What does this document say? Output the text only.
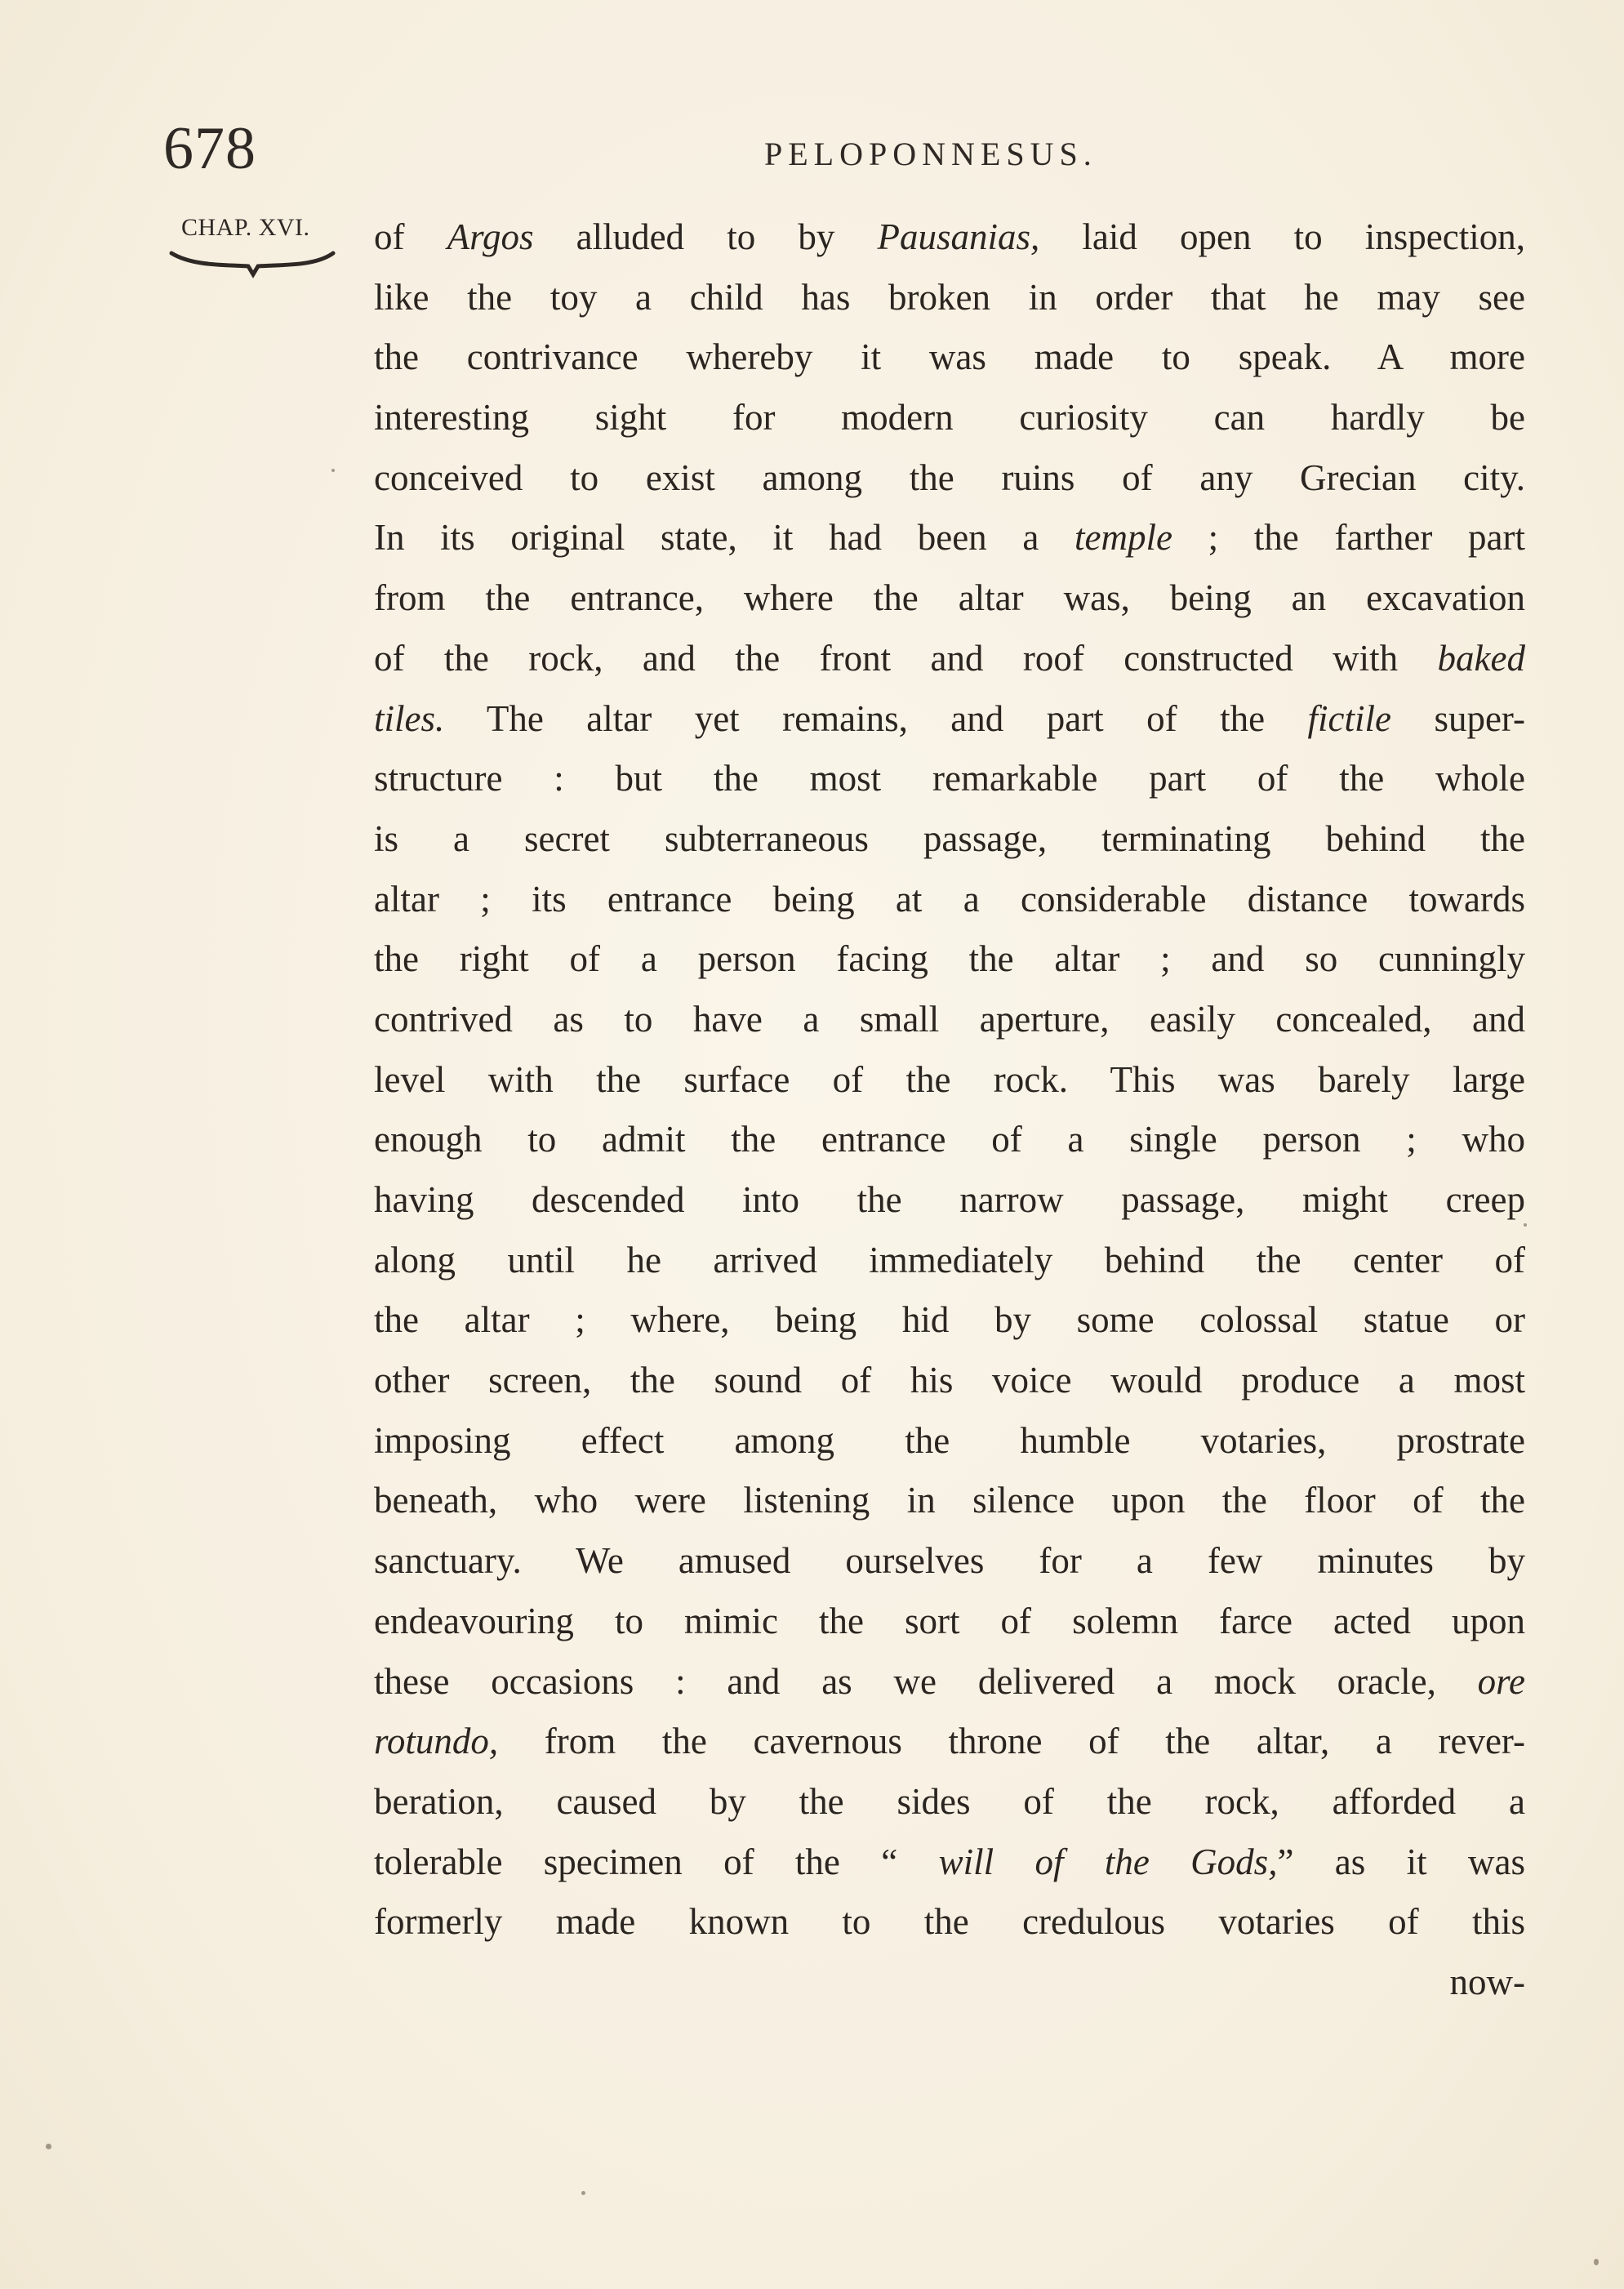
678	PELOPONNESUS.
CHAP. XVI.	of Argos alluded to by Pausanias, laid open to inspection,
like the toy a child has broken in order that he may see
the contrivance whereby it was made to speak. A more
interesting sight for modern curiosity can hardly be
conceived to exist among the ruins of any Grecian city.
In its original state, it had been a temple ; the farther part
from the entrance, where the altar was, being an excavation
of the rock, and the front and roof constructed with baked
tiles. The altar yet remains, and part of the fictile super-
structure : but the most remarkable part of the whole
is a secret subterraneous passage, terminating behind the
altar ; its entrance being at a considerable distance towards
the right of a person facing the altar ; and so cunningly
contrived as to have a small aperture, easily concealed, and
level with the surface of the rock. This was barely large
enough to admit the entrance of a single person ; who
having descended into the narrow passage, might creep
along until he arrived immediately behind the center of
the altar ; where, being hid by some colossal statue or
other screen, the sound of his voice would produce a most
imposing effect among the humble votaries, prostrate
beneath, who were listening in silence upon the floor of the
sanctuary. We amused ourselves for a few minutes by
endeavouring to mimic the sort of solemn farce acted upon
these occasions : and as we delivered a mock oracle, ore
rotundo, from the cavernous throne of the altar, a rever-
beration, caused by the sides of the rock, afforded a
tolerable specimen of the “ will of the Gods,” as it was
formerly made known to the credulous votaries of this
now-
